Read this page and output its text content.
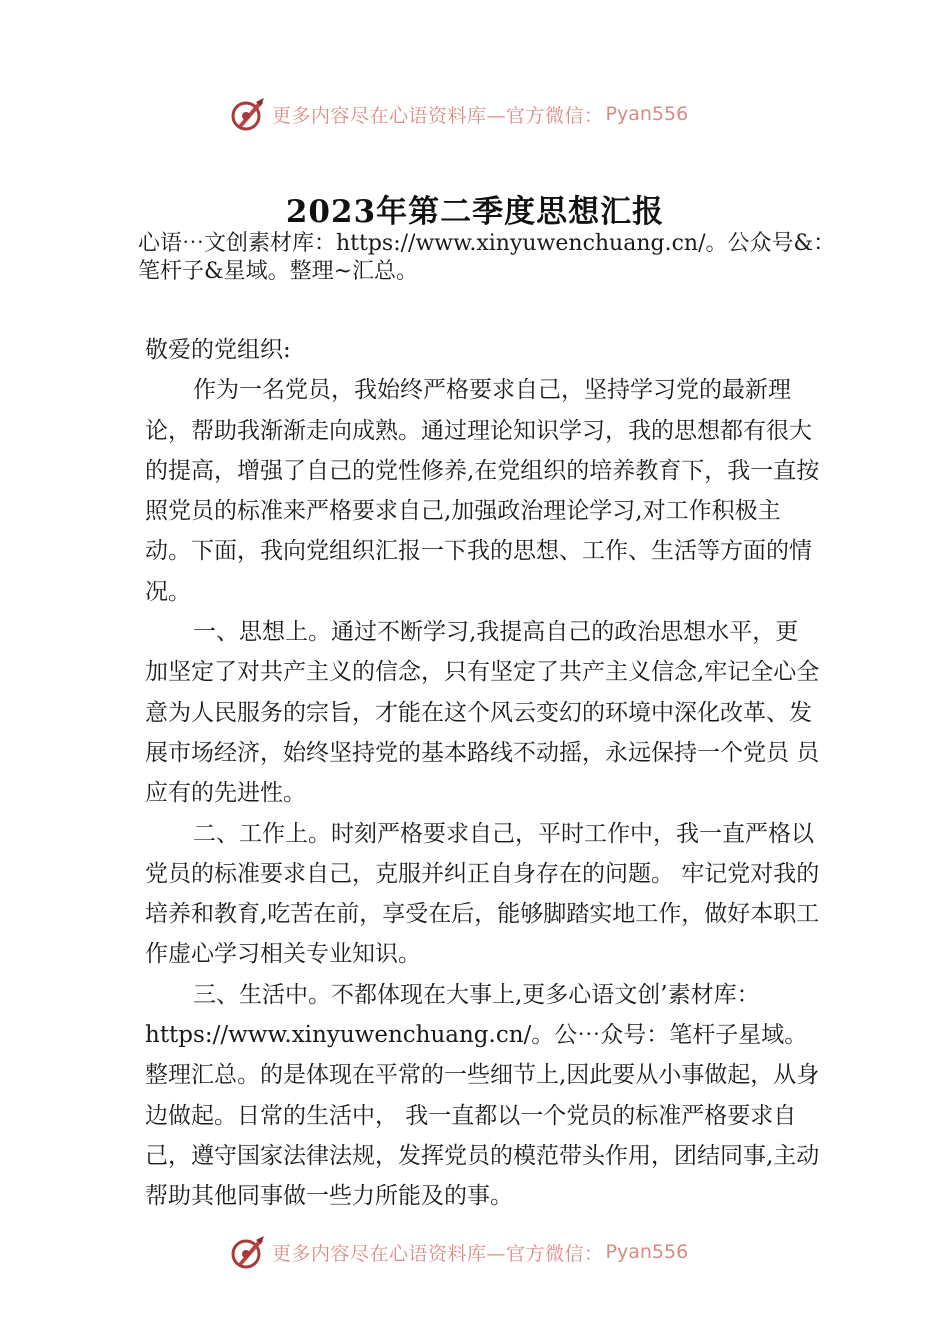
更多内容尽在心语资料库—官方微信： Pyan556
2023年第二季度思想汇报
心语⋯文创素材库：https://www.xinyuwenchuang.cn/。公众号&：笔杆子&星域。整理~汇总。

敬爱的党组织:

作为一名党员，我始终严格要求自己，坚持学习党的最新理论，帮助我渐渐走向成熟。通过理论知识学习，我的思想都有很大的提高，增强了自己的党性修养,在党组织的培养教育下，我一直按照党员的标准来严格要求自己,加强政治理论学习,对工作积极主动。下面，我向党组织汇报一下我的思想、工作、生活等方面的情况。

一、思想上。通过不断学习,我提高自己的政治思想水平，更加坚定了对共产主义的信念，只有坚定了共产主义信念,牢记全心全意为人民服务的宗旨，才能在这个风云变幻的环境中深化改革、发展市场经济，始终坚持党的基本路线不动摇，永远保持一个党员 员应有的先进性。

二、工作上。时刻严格要求自己，平时工作中，我一直严格以党员的标准要求自己，克服并纠正自身存在的问题。 牢记党对我的培养和教育,吃苦在前，享受在后，能够脚踏实地工作，做好本职工作虚心学习相关专业知识。

三、生活中。不都体现在大事上,更多心语文创’素材库：https://www.xinyuwenchuang.cn/。公⋯众号：笔杆子星域。整理汇总。的是体现在平常的一些细节上,因此要从小事做起，从身边做起。日常的生活中， 我一直都以一个党员的标准严格要求自己，遵守国家法律法规，发挥党员的模范带头作用，团结同事,主动帮助其他同事做一些力所能及的事。

更多内容尽在心语资料库—官方微信： Pyan556
